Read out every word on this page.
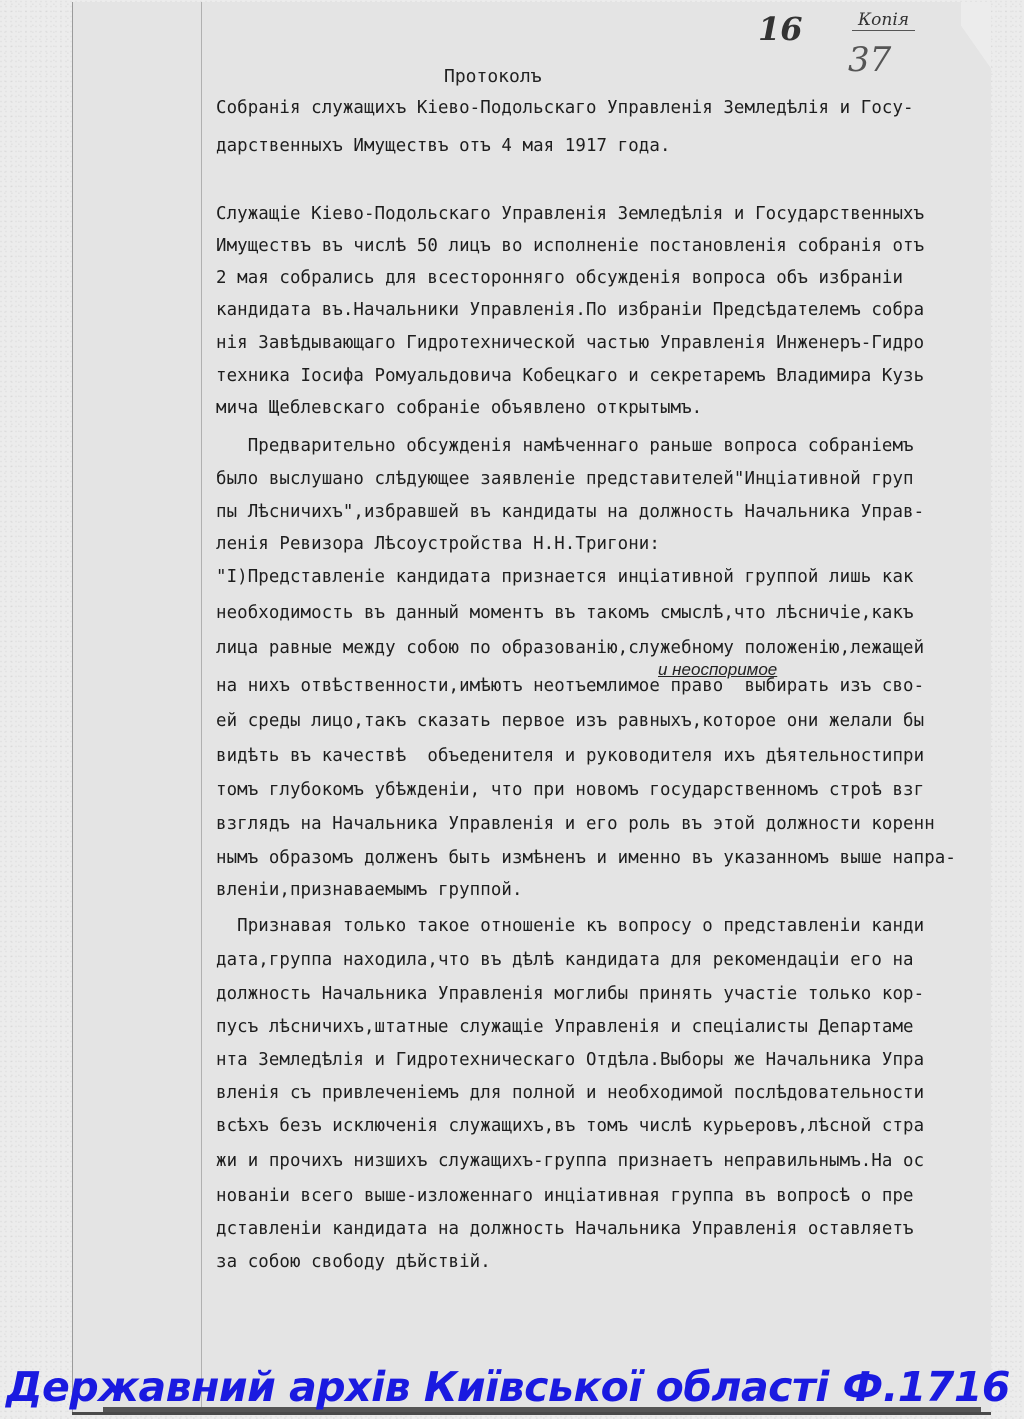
16	Копія
37
Протоколъ
Собранія служащихъ Кіево-Подольскаго Управленія Земледѣлія и Госу-
дарственныхъ Имуществъ отъ 4 мая 1917 года.
Служащіе Кіево-Подольскаго Управленія Земледѣлія и Государственныхъ
Имуществъ въ числѣ 50 лицъ во исполненіе постановленія собранія отъ
2 мая собрались для всесторонняго обсужденія вопроса объ избраніи
кандидата въ.Начальники Управленія.По избраніи Предсѣдателемъ собра
нія Завѣдывающаго Гидротехнической частью Управленія Инженеръ-Гидро
техника Іосифа Ромуальдовича Кобецкаго и секретаремъ Владимира Кузь
мича Щеблевскаго собраніе объявлено открытымъ.
Предварительно обсужденія намѣченнаго раньше вопроса собраніемъ
было выслушано слѣдующее заявленіе представителей"Инціативной груп
пы Лѣсничихъ",избравшей въ кандидаты на должность Начальника Управ-
ленія Ревизора Лѣсоустройства Н.Н.Тригони:
"I)Представленіе кандидата признается инціативной группой лишь как
необходимость въ данный моментъ въ такомъ смыслѣ,что лѣсничіе,какъ
лица равные между собою по образованію,служебному положенію,лежащей
и неоспоримое
на нихъ отвѣственности,имѣютъ неотъемлимое право  выбирать изъ сво-
ей среды лицо,такъ сказать первое изъ равныхъ,которое они желали бы
видѣть въ качествѣ  объеденителя и руководителя ихъ дѣятельностипри
томъ глубокомъ убѣжденіи, что при новомъ государственномъ строѣ взг
взглядъ на Начальника Управленія и его роль въ этой должности коренн
нымъ образомъ долженъ быть измѣненъ и именно въ указанномъ выше напра-
вленіи,признаваемымъ группой.
Признавая только такое отношеніе къ вопросу о представленіи канди
дата,группа находила,что въ дѣлѣ кандидата для рекомендаціи его на
должность Начальника Управленія моглибы принять участіе только кор-
пусъ лѣсничихъ,штатные служащіе Управленія и спеціалисты Департаме
нта Земледѣлія и Гидротехническаго Отдѣла.Выборы же Начальника Упра
вленія съ привлеченіемъ для полной и необходимой послѣдовательности
всѣхъ безъ исключенія служащихъ,въ томъ числѣ курьеровъ,лѣсной стра
жи и прочихъ низшихъ служащихъ-группа признаетъ неправильнымъ.На ос
нованіи всего выше-изложеннаго инціативная группа въ вопросѣ о пре
дставленіи кандидата на должность Начальника Управленія оставляетъ
за собою свободу дѣйствій.
Державний архів Київської області Ф.1716
